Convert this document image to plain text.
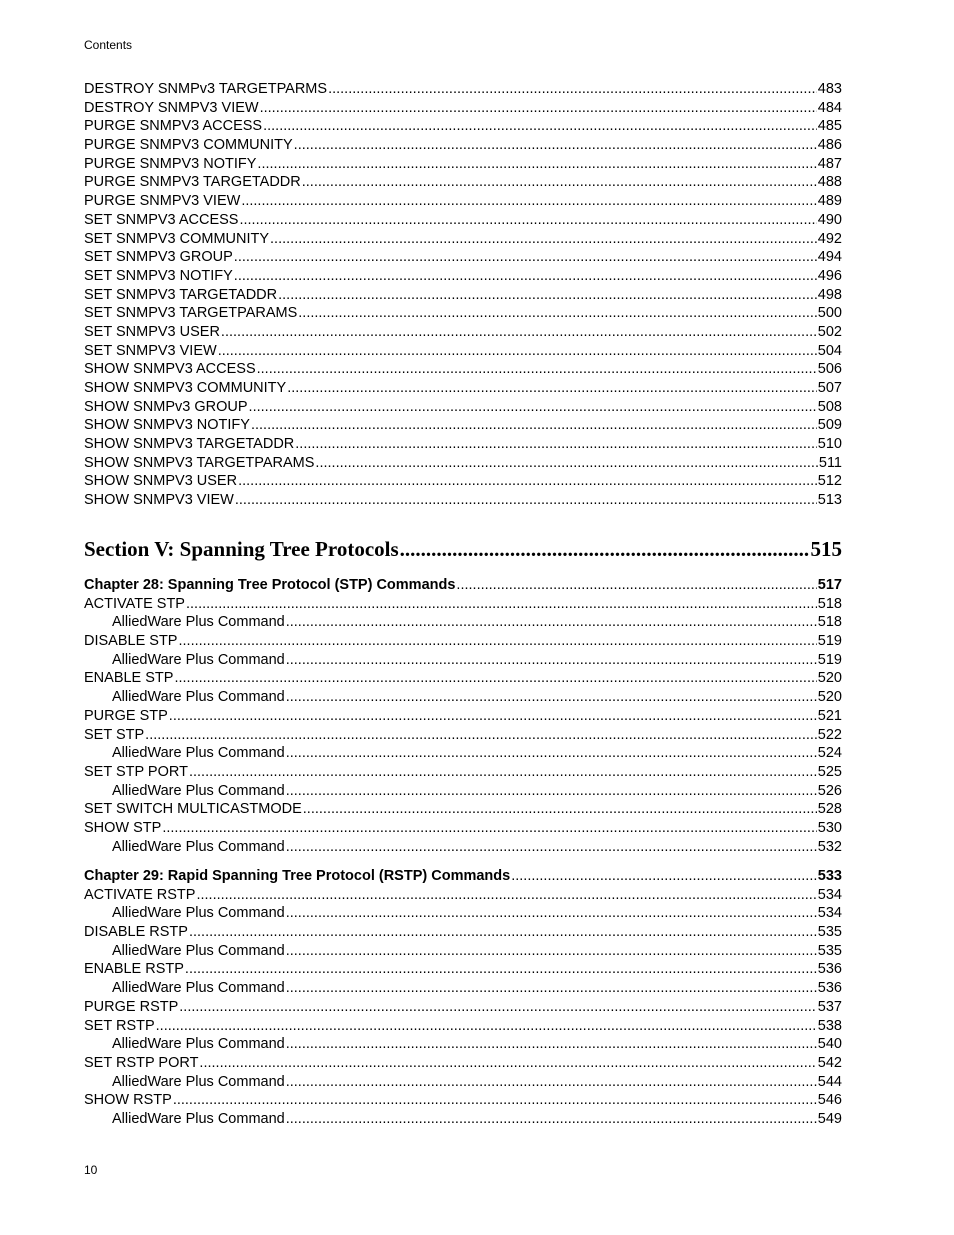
Contents
DESTROY SNMPv3 TARGETPARMS .....	483
DESTROY SNMPV3 VIEW .....	484
PURGE SNMPV3 ACCESS .....	485
PURGE SNMPV3 COMMUNITY .....	486
PURGE SNMPV3 NOTIFY .....	487
PURGE SNMPV3 TARGETADDR .....	488
PURGE SNMPV3 VIEW .....	489
SET SNMPV3 ACCESS .....	490
SET SNMPV3 COMMUNITY .....	492
SET SNMPV3 GROUP .....	494
SET SNMPV3 NOTIFY .....	496
SET SNMPV3 TARGETADDR .....	498
SET SNMPV3 TARGETPARAMS .....	500
SET SNMPV3 USER .....	502
SET SNMPV3 VIEW .....	504
SHOW SNMPV3 ACCESS .....	506
SHOW SNMPV3 COMMUNITY .....	507
SHOW SNMPv3 GROUP .....	508
SHOW SNMPV3 NOTIFY .....	509
SHOW SNMPV3 TARGETADDR .....	510
SHOW SNMPV3 TARGETPARAMS .....	511
SHOW SNMPV3 USER .....	512
SHOW SNMPV3 VIEW .....	513
Section V: Spanning Tree Protocols .....	515
Chapter 28: Spanning Tree Protocol (STP) Commands .....	517
ACTIVATE STP .....	518
AlliedWare Plus Command .....	518
DISABLE STP .....	519
AlliedWare Plus Command .....	519
ENABLE STP .....	520
AlliedWare Plus Command .....	520
PURGE STP .....	521
SET STP .....	522
AlliedWare Plus Command .....	524
SET STP PORT .....	525
AlliedWare Plus Command .....	526
SET SWITCH MULTICASTMODE .....	528
SHOW STP .....	530
AlliedWare Plus Command .....	532
Chapter 29: Rapid Spanning Tree Protocol (RSTP) Commands .....	533
ACTIVATE RSTP .....	534
AlliedWare Plus Command .....	534
DISABLE RSTP .....	535
AlliedWare Plus Command .....	535
ENABLE RSTP .....	536
AlliedWare Plus Command .....	536
PURGE RSTP .....	537
SET RSTP .....	538
AlliedWare Plus Command .....	540
SET RSTP PORT .....	542
AlliedWare Plus Command .....	544
SHOW RSTP .....	546
AlliedWare Plus Command .....	549
10
